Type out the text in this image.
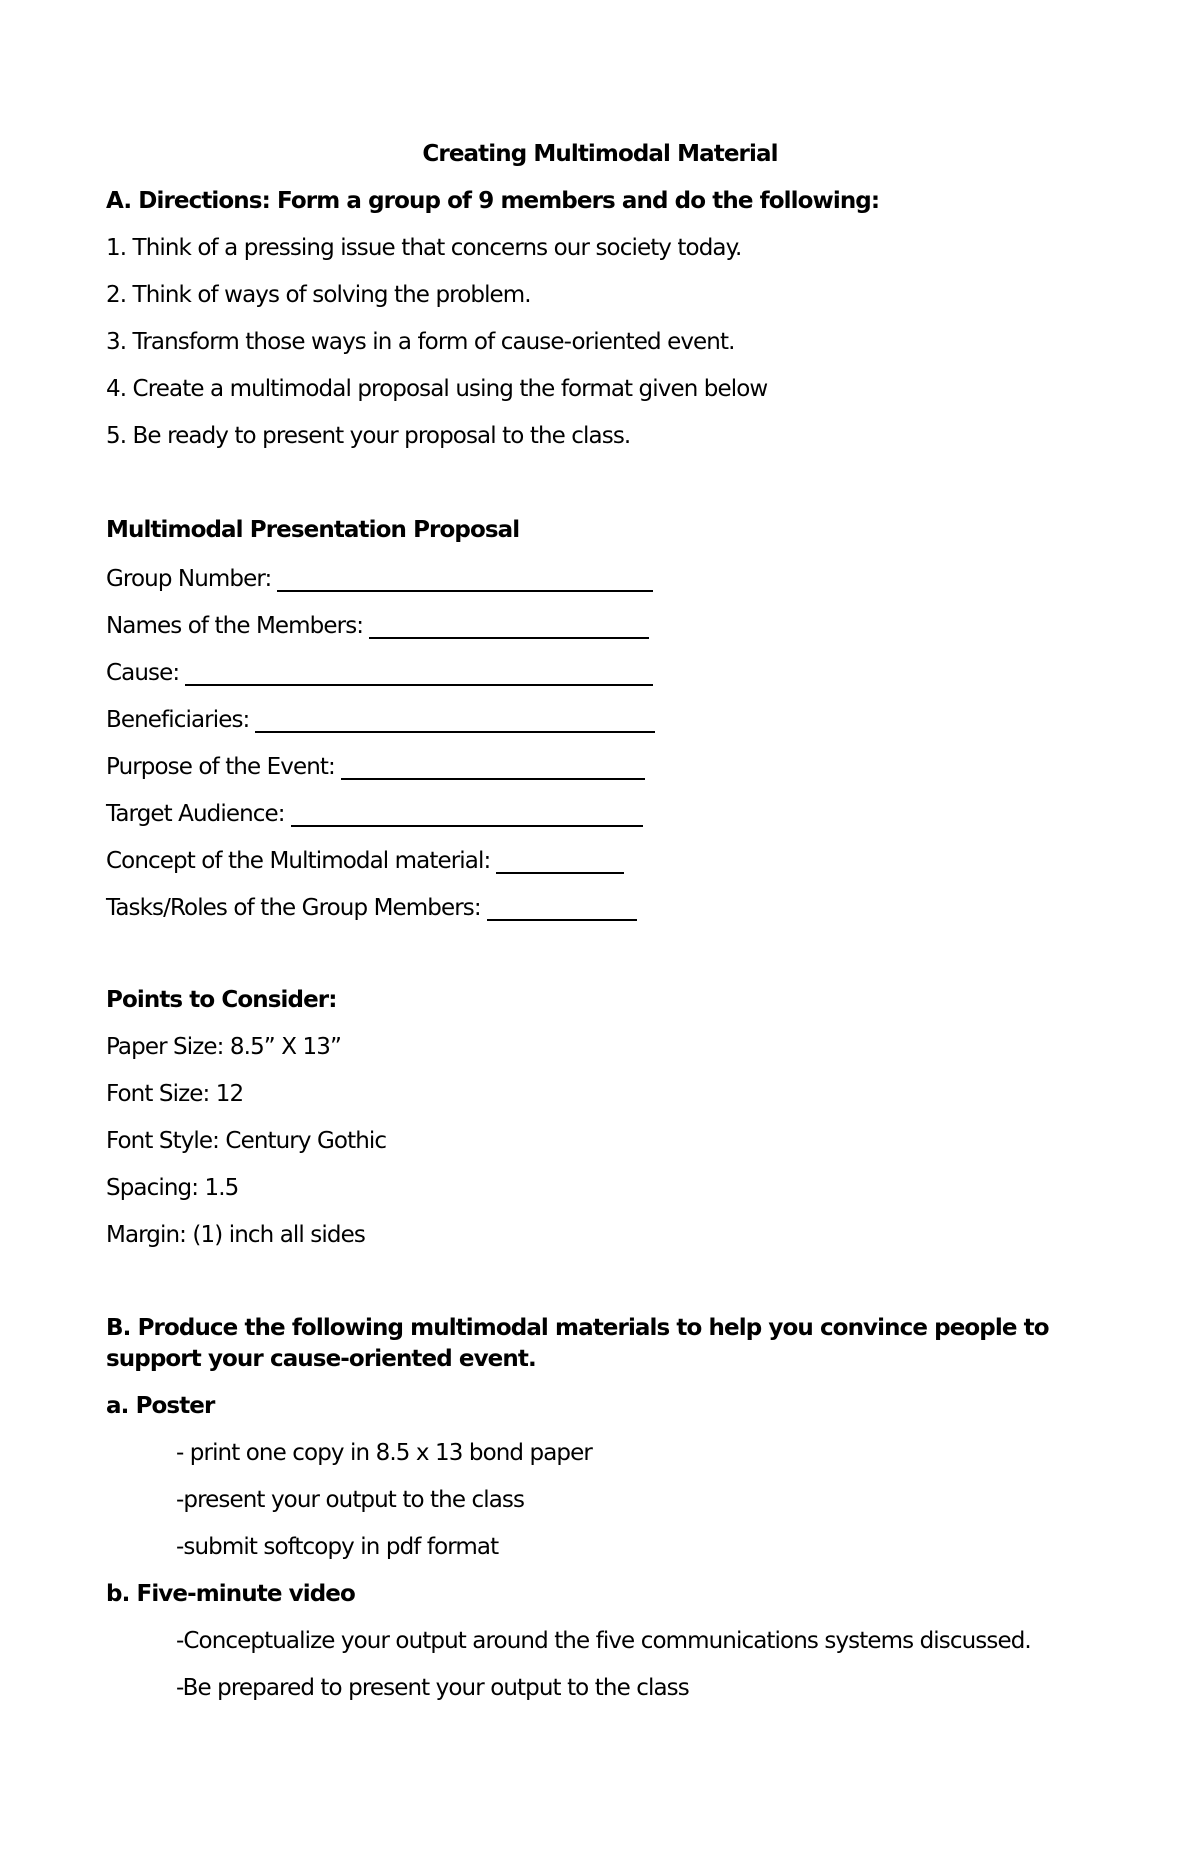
Creating Multimodal Material
A. Directions: Form a group of 9 members and do the following:
1. Think of a pressing issue that concerns our society today.
2. Think of ways of solving the problem.
3. Transform those ways in a form of cause-oriented event.
4. Create a multimodal proposal using the format given below
5. Be ready to present your proposal to the class.
Multimodal Presentation Proposal
Group Number:
Names of the Members:
Cause:
Beneficiaries:
Purpose of the Event:
Target Audience:
Concept of the Multimodal material:
Tasks/Roles of the Group Members:
Points to Consider:
Paper Size: 8.5” X 13”
Font Size: 12
Font Style: Century Gothic
Spacing: 1.5
Margin: (1) inch all sides
B. Produce the following multimodal materials to help you convince people to support your cause-oriented event.
a. Poster
- print one copy in 8.5 x 13 bond paper
-present your output to the class
-submit softcopy in pdf format
b. Five-minute video
-Conceptualize your output around the five communications systems discussed.
-Be prepared to present your output to the class
